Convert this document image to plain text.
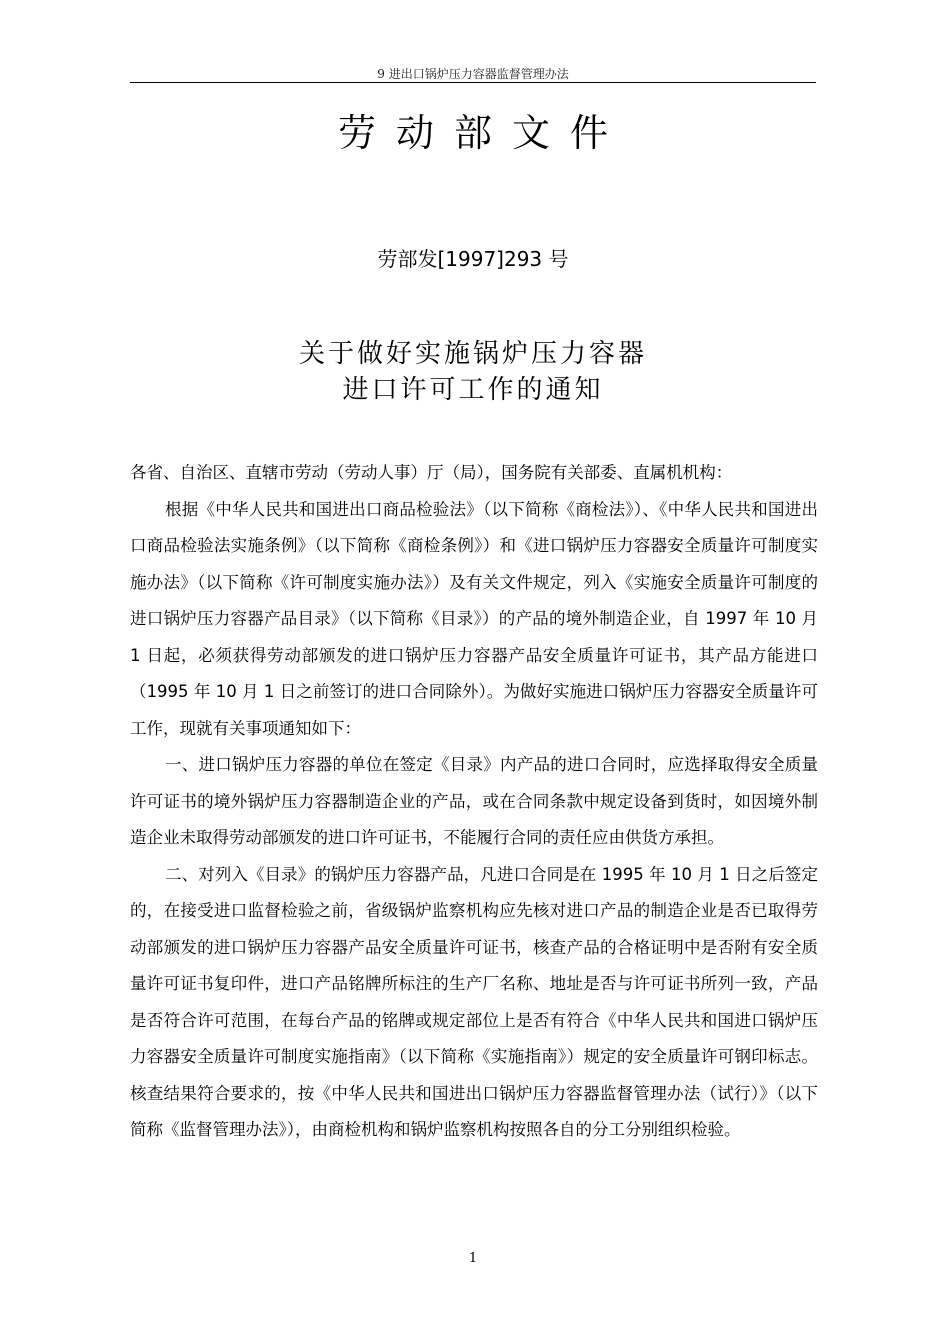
9 进出口锅炉压力容器监督管理办法
劳动部文件
劳部发[1997]293 号
关于做好实施锅炉压力容器
进口许可工作的通知

各省、自治区、直辖市劳动（劳动人事）厅（局），国务院有关部委、直属机机构：

根据《中华人民共和国进出口商品检验法》（以下简称《商检法》）、《中华人民共和国进出口商品检验法实施条例》（以下简称《商检条例》）和《进口锅炉压力容器安全质量许可制度实施办法》（以下简称《许可制度实施办法》）及有关文件规定，列入《实施安全质量许可制度的进口锅炉压力容器产品目录》（以下简称《目录》）的产品的境外制造企业，自 1997 年 10 月 1 日起，必须获得劳动部颁发的进口锅炉压力容器产品安全质量许可证书，其产品方能进口（1995 年 10 月 1 日之前签订的进口合同除外）。为做好实施进口锅炉压力容器安全质量许可工作，现就有关事项通知如下：

一、进口锅炉压力容器的单位在签定《目录》内产品的进口合同时，应选择取得安全质量许可证书的境外锅炉压力容器制造企业的产品，或在合同条款中规定设备到货时，如因境外制造企业未取得劳动部颁发的进口许可证书，不能履行合同的责任应由供货方承担。

二、对列入《目录》的锅炉压力容器产品，凡进口合同是在 1995 年 10 月 1 日之后签定的，在接受进口监督检验之前，省级锅炉监察机构应先核对进口产品的制造企业是否已取得劳动部颁发的进口锅炉压力容器产品安全质量许可证书，核查产品的合格证明中是否附有安全质量许可证书复印件，进口产品铭牌所标注的生产厂名称、地址是否与许可证书所列一致，产品是否符合许可范围，在每台产品的铭牌或规定部位上是否有符合《中华人民共和国进口锅炉压力容器安全质量许可制度实施指南》（以下简称《实施指南》）规定的安全质量许可钢印标志。核查结果符合要求的，按《中华人民共和国进出口锅炉压力容器监督管理办法（试行）》（以下简称《监督管理办法》），由商检机构和锅炉监察机构按照各自的分工分别组织检验。

1
